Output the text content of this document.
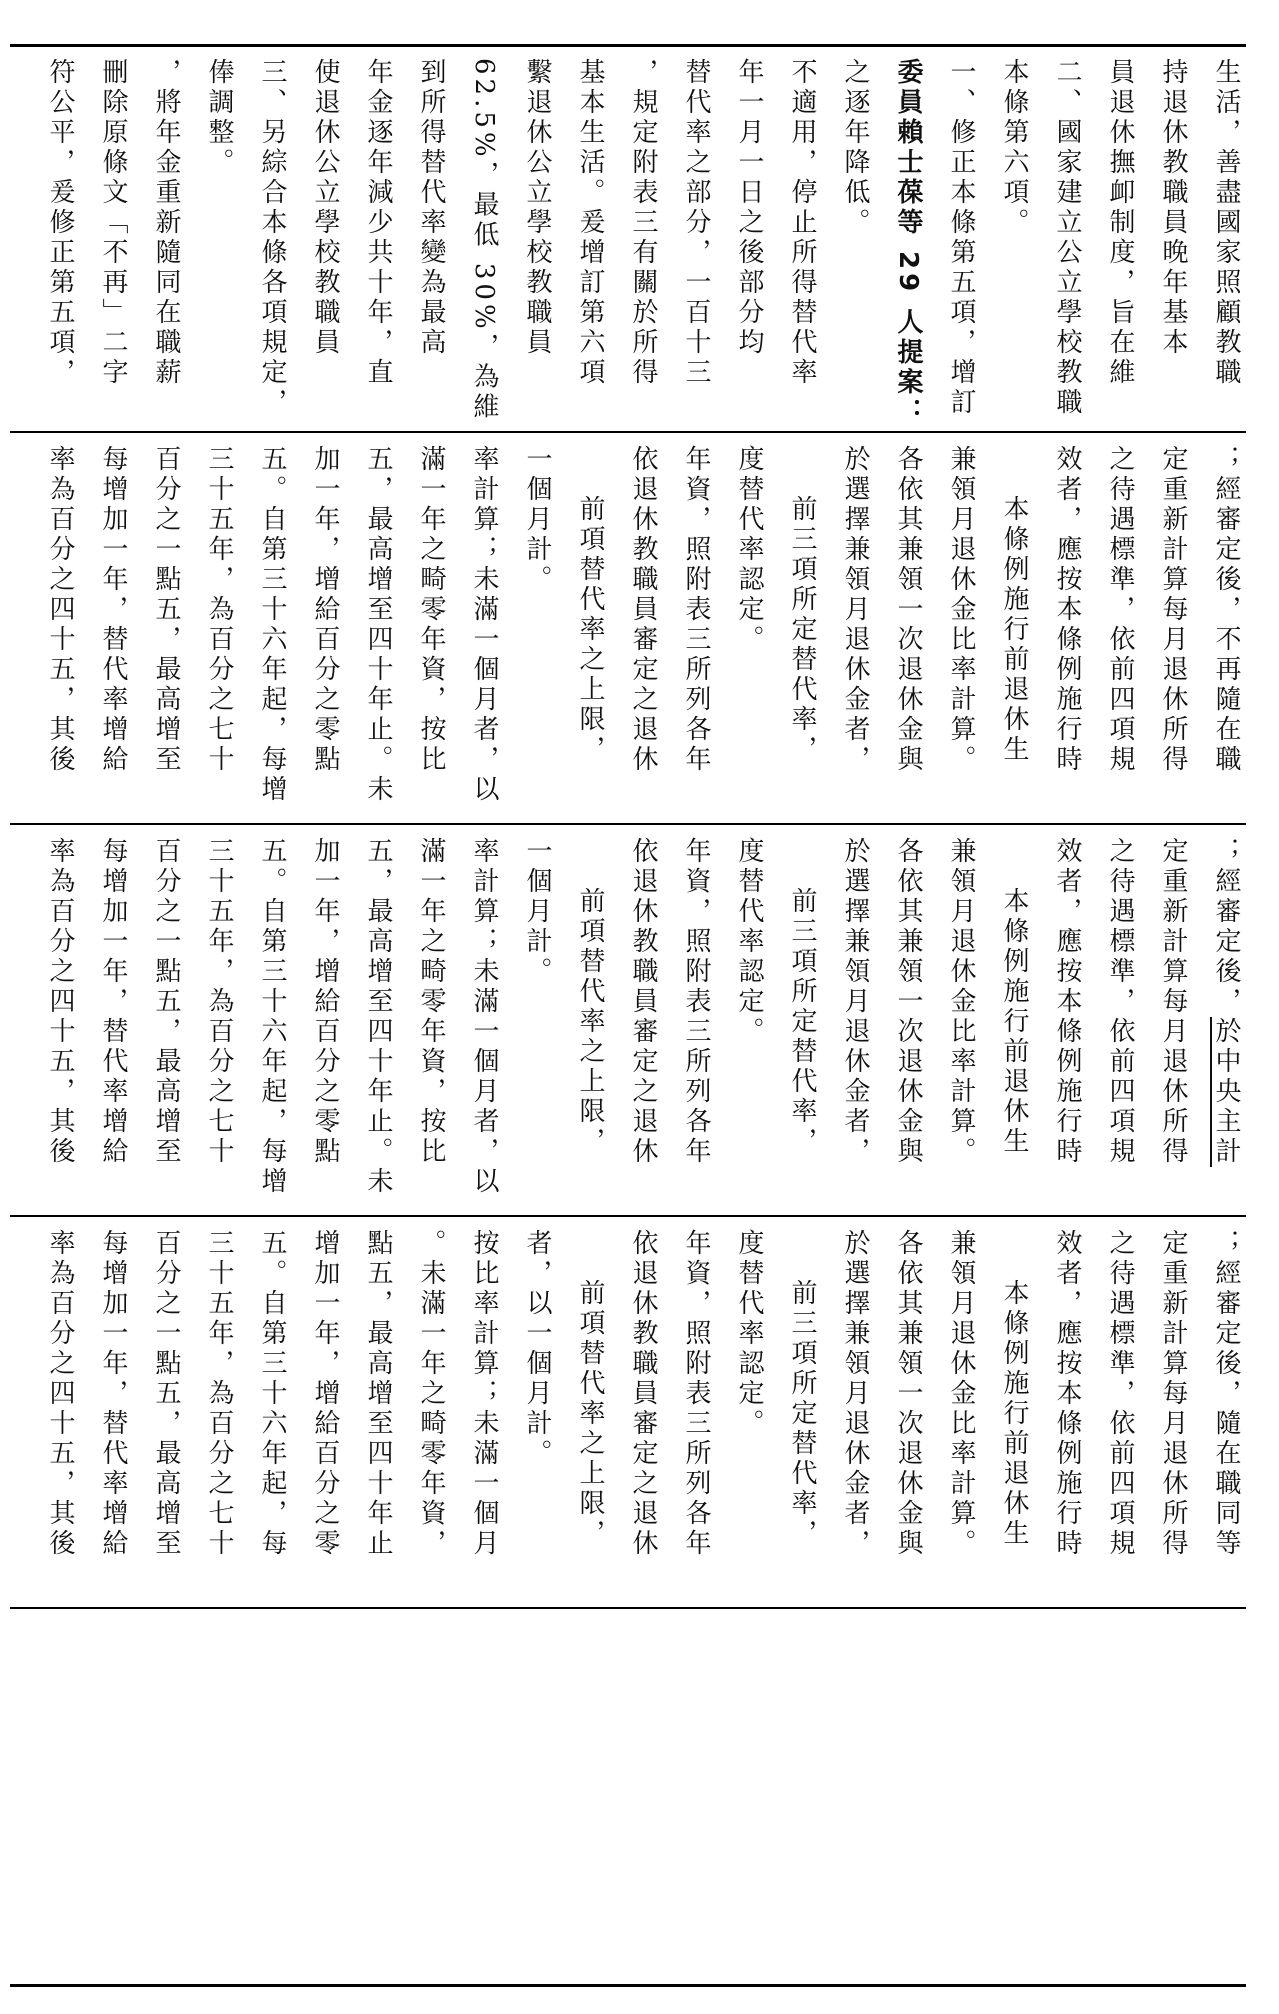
符公平，爰修正第五項， 刪除原條文「不再」二字 ，將年金重新隨同在職薪 俸調整。 三、另綜合本條各項規定， 使退休公立學校教職員 年金逐年減少共十年，直 到所得替代率變為最高 62.5%，最低 30%，為維 繫退休公立學校教職員 基本生活。爰增訂第六項 ，規定附表三有關於所得 替代率之部分，一百十三 年一月一日之後部分均 不適用，停止所得替代率 之逐年降低。 委員賴士葆等 29 人提案： 一、修正本條第五項，增訂 本條第六項。 二、國家建立公立學校教職 員退休撫卹制度，旨在維 持退休教職員晚年基本 生活，善盡國家照顧教職
率為百分之四十五，其後 每增加一年，替代率增給 百分之一點五，最高增至 三十五年，為百分之七十 五。自第三十六年起，每增 加一年，增給百分之零點 五，最高增至四十年止。未 滿一年之畸零年資，按比 率計算；未滿一個月者，以 一個月計。 前項替代率之上限， 依退休教職員審定之退休 年資，照附表三所列各年 度替代率認定。 前三項所定替代率， 於選擇兼領月退休金者， 各依其兼領一次退休金與 兼領月退休金比率計算。 本條例施行前退休生 效者，應按本條例施行時 之待遇標準，依前四項規 定重新計算每月退休所得 ；經審定後，不再隨在職
率為百分之四十五，其後 每增加一年，替代率增給 百分之一點五，最高增至 三十五年，為百分之七十 五。自第三十六年起，每增 加一年，增給百分之零點 五，最高增至四十年止。未 滿一年之畸零年資，按比 率計算；未滿一個月者，以 一個月計。 前項替代率之上限， 依退休教職員審定之退休 年資，照附表三所列各年 度替代率認定。 前三項所定替代率， 於選擇兼領月退休金者， 各依其兼領一次退休金與 兼領月退休金比率計算。 本條例施行前退休生 效者，應按本條例施行時 之待遇標準，依前四項規 定重新計算每月退休所得 ；經審定後，於中央主計
率為百分之四十五，其後 每增加一年，替代率增給 百分之一點五，最高增至 三十五年，為百分之七十 五。自第三十六年起，每 增加一年，增給百分之零 點五，最高增至四十年止 。未滿一年之畸零年資， 按比率計算；未滿一個月 者，以一個月計。 前項替代率之上限， 依退休教職員審定之退休 年資，照附表三所列各年 度替代率認定。 前三項所定替代率， 於選擇兼領月退休金者， 各依其兼領一次退休金與 兼領月退休金比率計算。 本條例施行前退休生 效者，應按本條例施行時 之待遇標準，依前四項規 定重新計算每月退休所得 ；經審定後，隨在職同等
